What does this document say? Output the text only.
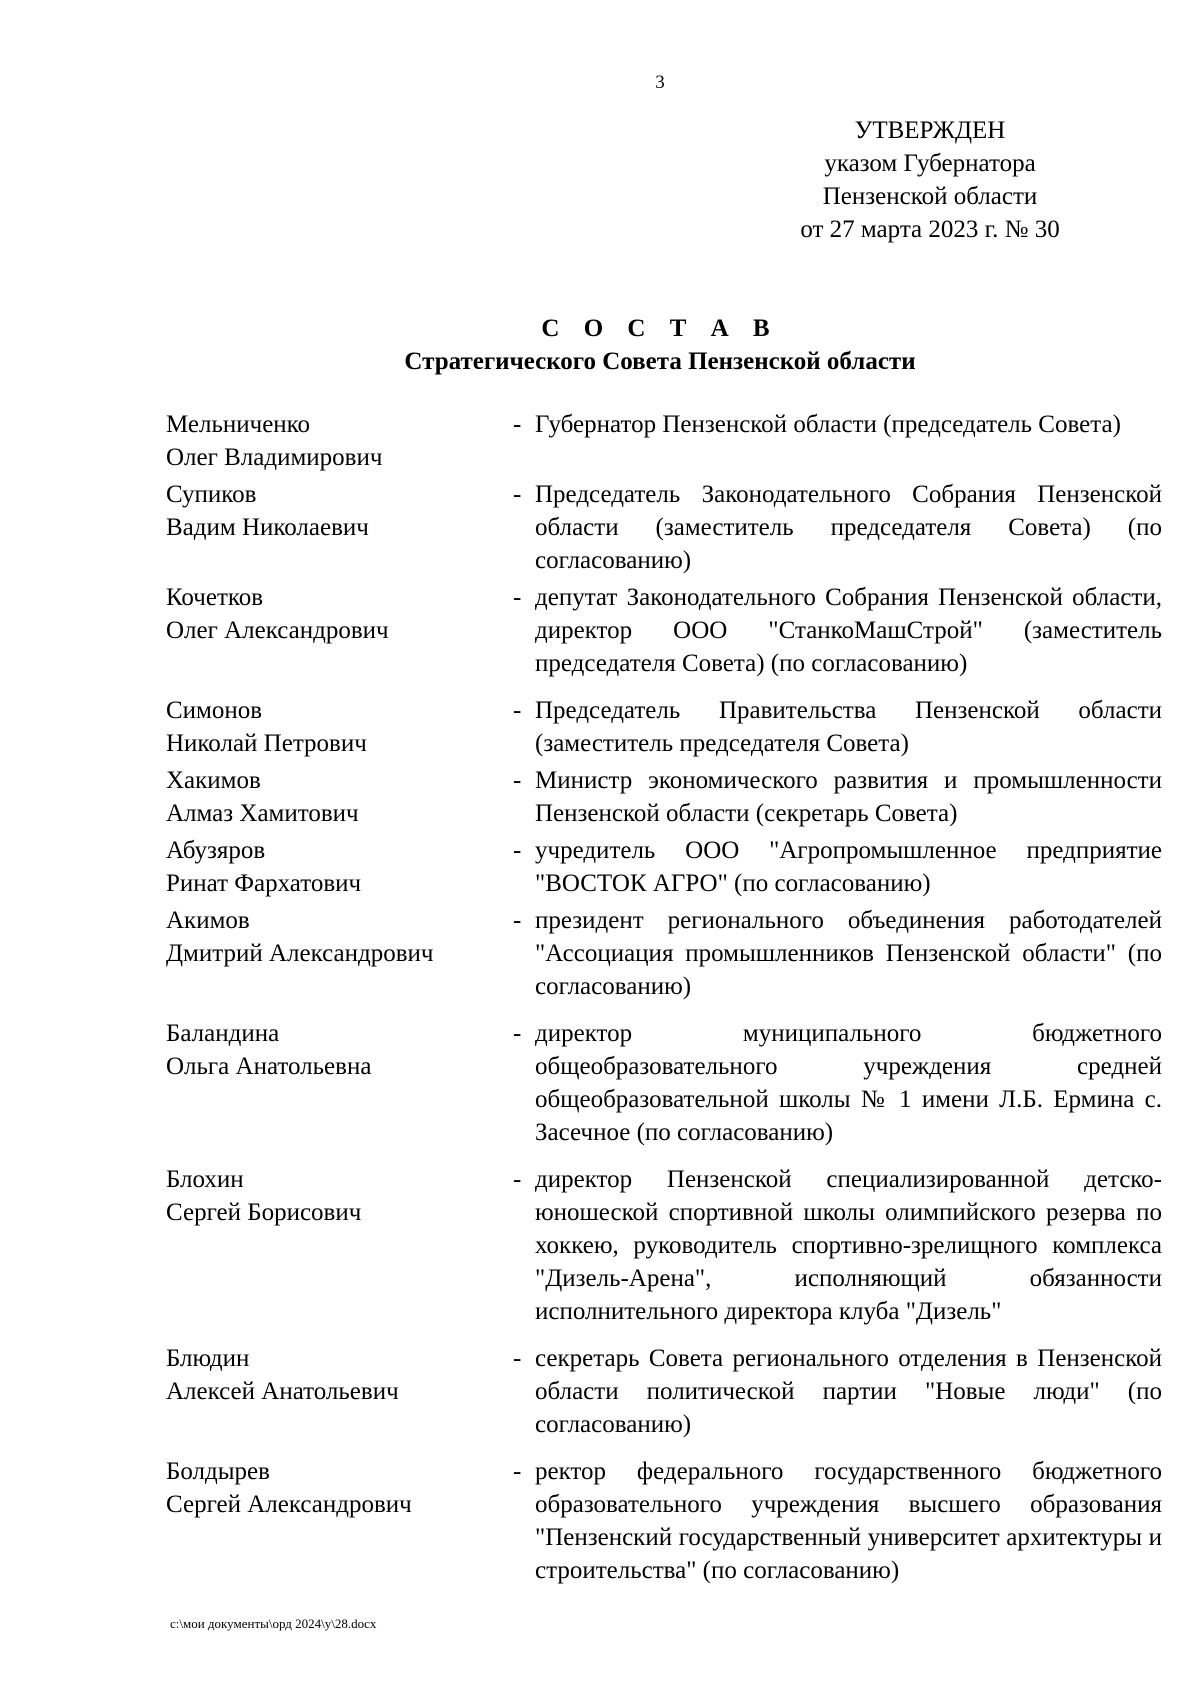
3
УТВЕРЖДЕН
указом Губернатора
Пензенской области
от 27 марта 2023 г. № 30
С О С Т А В
Стратегического Совета Пензенской области
Мельниченко
Олег Владимирович
- Губернатор Пензенской области (председатель Совета)
Супиков
Вадим Николаевич
- Председатель Законодательного Собрания Пензенской области (заместитель председателя Совета) (по согласованию)
Кочетков
Олег Александрович
- депутат Законодательного Собрания Пензенской области, директор ООО "СтанкоМашСтрой" (заместитель председателя Совета) (по согласованию)
Симонов
Николай Петрович
- Председатель Правительства Пензенской области (заместитель председателя Совета)
Хакимов
Алмаз Хамитович
- Министр экономического развития и промышленности Пензенской области (секретарь Совета)
Абузяров
Ринат Фархатович
- учредитель ООО "Агропромышленное предприятие "ВОСТОК АГРО" (по согласованию)
Акимов
Дмитрий Александрович
- президент регионального объединения работодателей "Ассоциация промышленников Пензенской области" (по согласованию)
Баландина
Ольга Анатольевна
- директор муниципального бюджетного общеобразовательного учреждения средней общеобразовательной школы № 1 имени Л.Б. Ермина с. Засечное (по согласованию)
Блохин
Сергей Борисович
- директор Пензенской специализированной детско-юношеской спортивной школы олимпийского резерва по хоккею, руководитель спортивно-зрелищного комплекса "Дизель-Арена", исполняющий обязанности исполнительного директора клуба "Дизель"
Блюдин
Алексей Анатольевич
- секретарь Совета регионального отделения в Пензенской области политической партии "Новые люди" (по согласованию)
Болдырев
Сергей Александрович
- ректор федерального государственного бюджетного образовательного учреждения высшего образования "Пензенский государственный университет архитектуры и строительства" (по согласованию)
c:\мои документы\орд 2024\у\28.docx
